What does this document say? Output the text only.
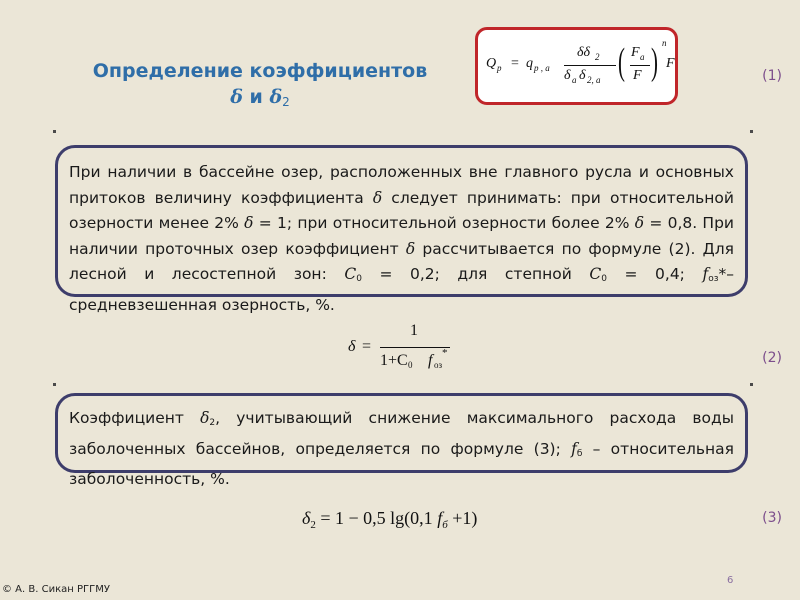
Определение коэффициентов
δ и $\delta_2$
Q p = q p , a
δδ 2
δ a δ 2, a ( F a
F ) n
F
(1)
При наличии в бассейне озер, расположенных вне главного русла и основных притоков величину коэффициента δ следует принимать: при относительной озерности менее 2% δ = 1; при относительной озерности более 2% δ = 0,8. При наличии проточных озер коэффициент δ рассчитывается по формуле (2). Для лесной и лесостепной зон: C0 = 0,2; для степной C0 = 0,4; fоз*– средневзешенная озерность, %.
δ =
1
1+C 0 f оз
*	(2)
Коэффициент δ2, учитывающий снижение максимального расхода воды заболоченных бассейнов, определяется по формуле (3); fб – относительная заболоченность, %.
$\delta_2 = 1 - 0,5$ lg(0,1 $f_б +1$)	(3)
6
© А. В. Сикан РГГМУ
